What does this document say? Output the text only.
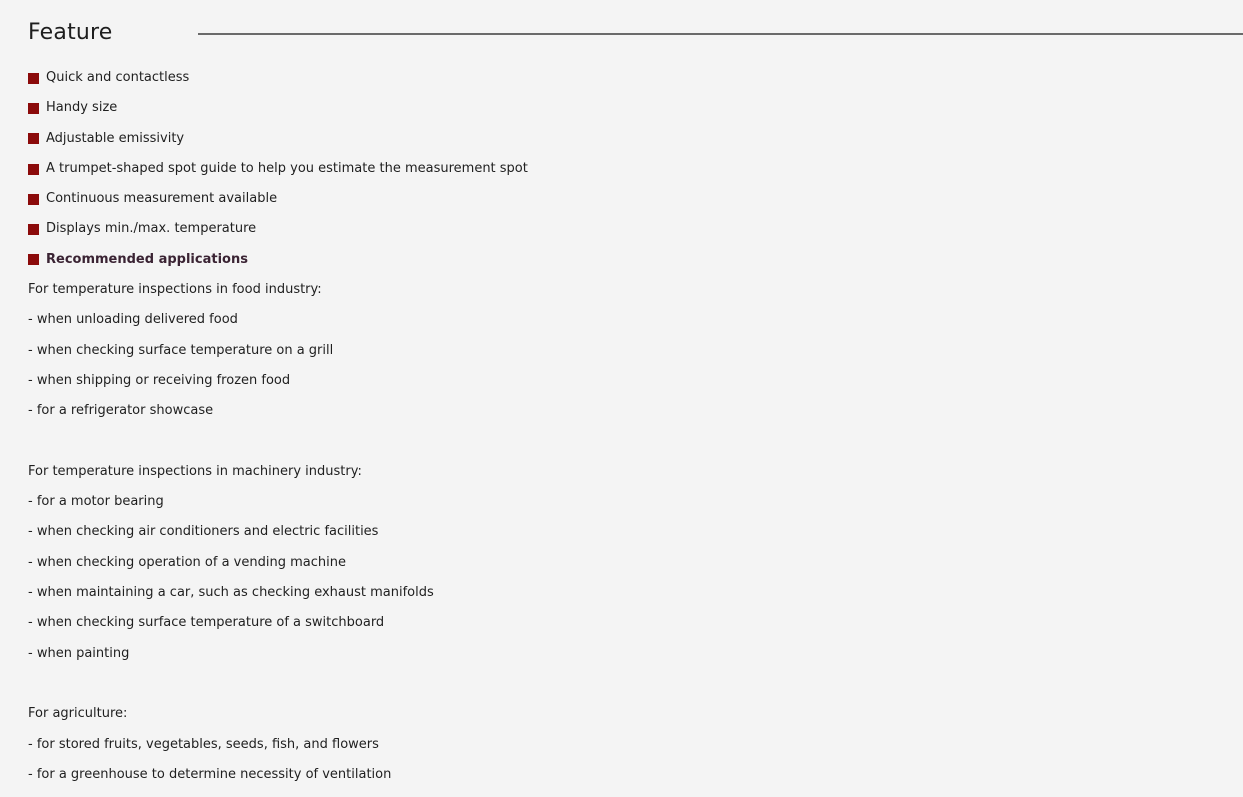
Feature
Quick and contactless
Handy size
Adjustable emissivity
A trumpet-shaped spot guide to help you estimate the measurement spot
Continuous measurement available
Displays min./max. temperature
Recommended applications
For temperature inspections in food industry:
- when unloading delivered food
- when checking surface temperature on a grill
- when shipping or receiving frozen food
- for a refrigerator showcase
For temperature inspections in machinery industry:
- for a motor bearing
- when checking air conditioners and electric facilities
- when checking operation of a vending machine
- when maintaining a car, such as checking exhaust manifolds
- when checking surface temperature of a switchboard
- when painting
For agriculture:
- for stored fruits, vegetables, seeds, fish, and flowers
- for a greenhouse to determine necessity of ventilation
